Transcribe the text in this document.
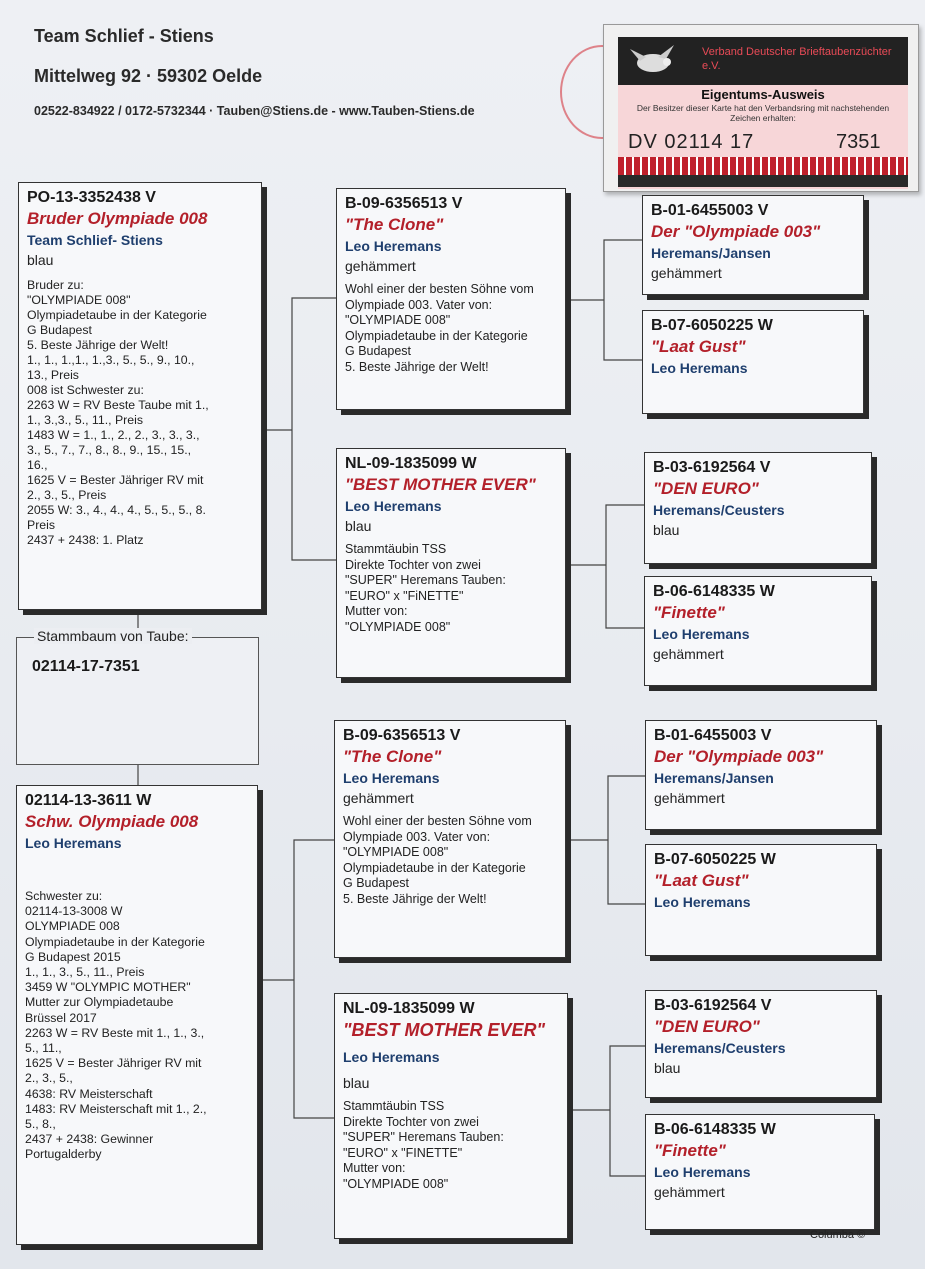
Team Schlief - Stiens
Mittelweg 92 · 59302 Oelde
02522-834922 / 0172-5732344 · Tauben@Stiens.de - www.Tauben-Stiens.de
Verband Deutscher Brieftaubenzüchter e.V.
Eigentums-Ausweis
Der Besitzer dieser Karte hat den Verbandsring mit nachstehenden Zeichen erhalten:
DV 02114 17	7351
PO-13-3352438 V
Bruder Olympiade 008
Team Schlief- Stiens
blau
Bruder zu:
"OLYMPIADE 008"
Olympiadetaube in der Kategorie
G Budapest
5. Beste Jährige der Welt!
1., 1., 1.,1., 1.,3., 5., 5., 9., 10.,
13., Preis
008 ist Schwester zu:
2263 W = RV Beste Taube mit 1.,
1., 3.,3., 5., 11., Preis
1483 W = 1., 1., 2., 2., 3., 3., 3.,
3., 5., 7., 7., 8., 8., 9., 15., 15.,
16.,
1625 V = Bester Jähriger RV mit
2., 3., 5., Preis
2055 W: 3., 4., 4., 4., 5., 5., 5., 8.
Preis
2437 + 2438: 1. Platz
B-09-6356513 V
"The Clone"
Leo Heremans
gehämmert
Wohl einer der besten Söhne vom
Olympiade 003. Vater von:
"OLYMPIADE 008"
Olympiadetaube in der Kategorie
G Budapest
5. Beste Jährige der Welt!
NL-09-1835099 W
"BEST MOTHER EVER"
Leo Heremans
blau
Stammtäubin TSS
Direkte Tochter von zwei
"SUPER" Heremans Tauben:
"EURO" x "FiNETTE"
Mutter von:
"OLYMPIADE 008"
B-01-6455003 V
Der "Olympiade 003"
Heremans/Jansen
gehämmert
B-07-6050225 W
"Laat Gust"
Leo Heremans
B-03-6192564 V
"DEN EURO"
Heremans/Ceusters
blau
B-06-6148335 W
"Finette"
Leo Heremans
gehämmert
Stammbaum von Taube:
02114-17-7351
02114-13-3611 W
Schw. Olympiade 008
Leo Heremans
Schwester zu:
02114-13-3008 W
OLYMPIADE 008
Olympiadetaube in der Kategorie
G Budapest 2015
1., 1., 3., 5., 11., Preis
3459 W "OLYMPIC MOTHER"
Mutter zur Olympiadetaube
Brüssel 2017
2263 W = RV Beste mit 1., 1., 3.,
5., 11.,
1625 V = Bester Jähriger RV mit
2., 3., 5.,
4638: RV Meisterschaft
1483: RV Meisterschaft mit 1., 2.,
5., 8.,
2437 + 2438: Gewinner
Portugalderby
B-09-6356513 V
"The Clone"
Leo Heremans
gehämmert
Wohl einer der besten Söhne vom
Olympiade 003. Vater von:
"OLYMPIADE 008"
Olympiadetaube in der Kategorie
G Budapest
5. Beste Jährige der Welt!
NL-09-1835099 W
"BEST MOTHER EVER"
Leo Heremans
blau
Stammtäubin TSS
Direkte Tochter von zwei
"SUPER" Heremans Tauben:
"EURO" x "FINETTE"
Mutter von:
"OLYMPIADE 008"
B-01-6455003 V
Der "Olympiade 003"
Heremans/Jansen
gehämmert
B-07-6050225 W
"Laat Gust"
Leo Heremans
B-03-6192564 V
"DEN EURO"
Heremans/Ceusters
blau
B-06-6148335 W
"Finette"
Leo Heremans
gehämmert
Columba ©
